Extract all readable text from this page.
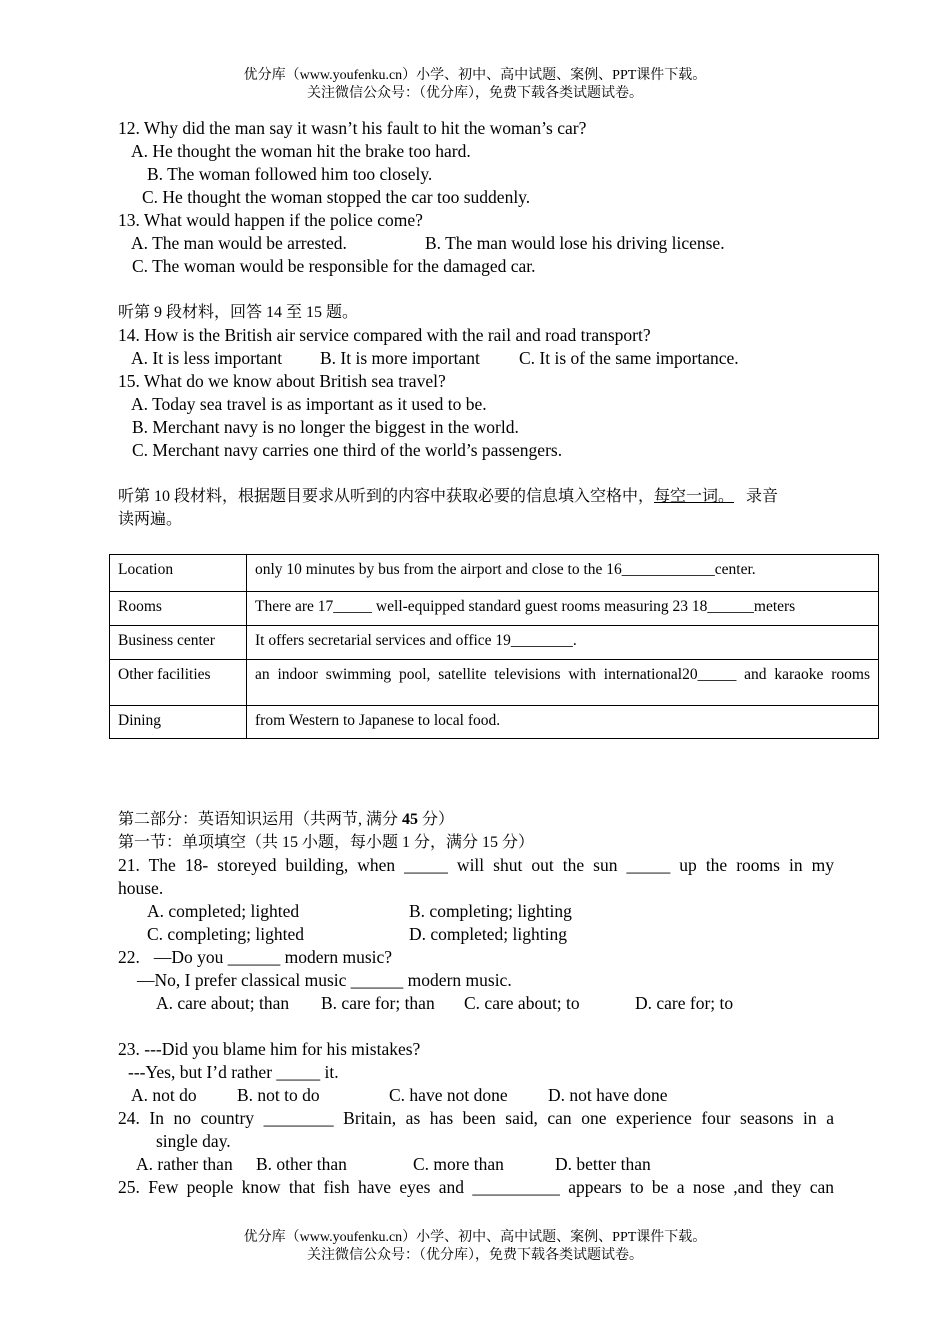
优分库（www.youfenku.cn）小学、初中、高中试题、案例、PPT课件下载。
关注微信公众号：（优分库），免费下载各类试题试卷。
12. Why did the man say it wasn’t his fault to hit the woman’s car?
A. He thought the woman hit the brake too hard.
B. The woman followed him too closely.
C. He thought the woman stopped the car too suddenly.
13. What would happen if the police come?
A. The man would be arrested.	B. The man would lose his driving license.
C. The woman would be responsible for the damaged car.
听第 9 段材料，回答 14 至 15 题。
14. How is the British air service compared with the rail and road transport?
A. It is less important B. It is more important C. It is of the same importance.
15. What do we know about British sea travel?
A. Today sea travel is as important as it used to be.
B. Merchant navy is no longer the biggest in the world.
C. Merchant navy carries one third of the world’s passengers.
听第 10 段材料，根据题目要求从听到的内容中获取必要的信息填入空格中，每空一词。 录音
读两遍。
Location	only 10 minutes by bus from the airport and close to the 16____________center.
Rooms	There are 17_____ well-equipped standard guest rooms measuring 23 18______meters
Business center	It offers secretarial services and office 19________.
Other facilities	an indoor swimming pool, satellite televisions with international20_____ and karaoke rooms

Dining	from Western to Japanese to local food.
第二部分：英语知识运用（共两节, 满分 45 分）
第一节：单项填空（共 15 小题，每小题 1 分，满分 15 分）
21. The 18- storeyed building, when _____ will shut out the sun _____ up the rooms in my
house.
A. completed; lighted	B. completing; lighting
C. completing; lighted	D. completed; lighting
22. —Do you ______ modern music?
—No, I prefer classical music ______ modern music.
A. care about; than B. care for; than C. care about; to	D. care for; to
23. ---Did you blame him for his mistakes?
---Yes, but I’d rather _____ it.
A. not do B. not to do	C. have not done D. not have done
24. In no country ________ Britain, as has been said, can one experience four seasons in a
single day.
A. rather than B. other than	C. more than	D. better than
25. Few people know that fish have eyes and __________ appears to be a nose ,and they can
优分库（www.youfenku.cn）小学、初中、高中试题、案例、PPT课件下载。
关注微信公众号：（优分库），免费下载各类试题试卷。
